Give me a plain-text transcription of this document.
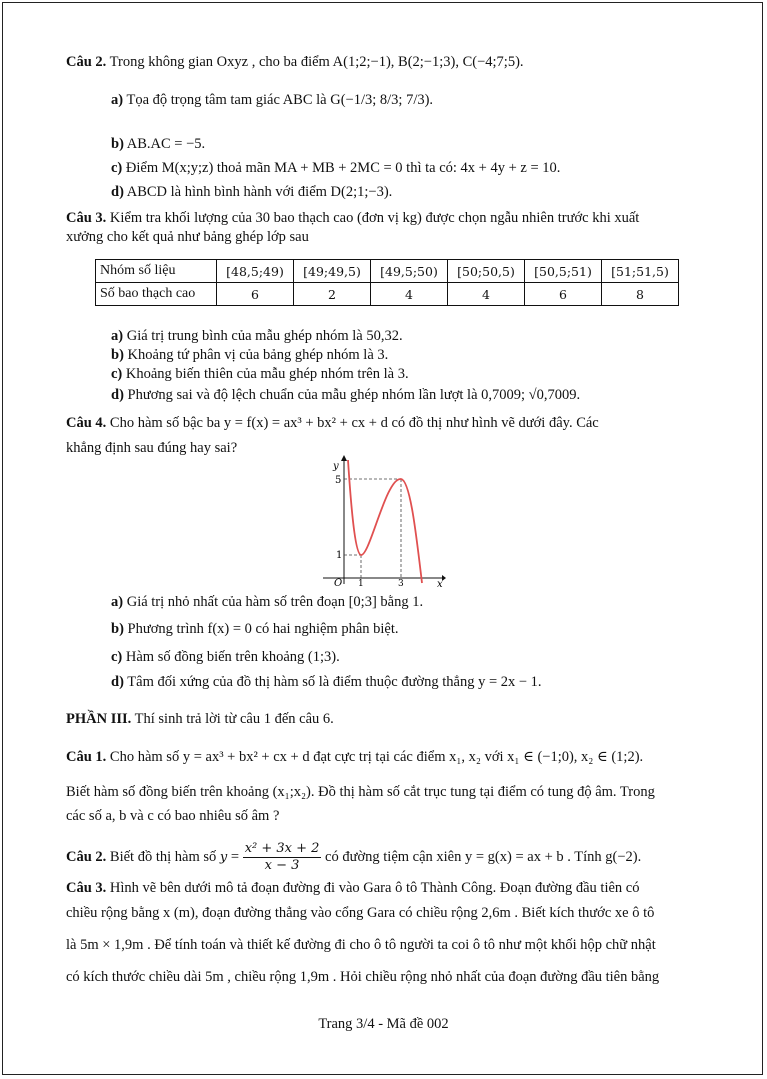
Câu 2. Trong không gian Oxyz , cho ba điểm A(1;2;−1), B(2;−1;3), C(−4;7;5).
a) Tọa độ trọng tâm tam giác ABC là G(−1/3; 8/3; 7/3).
b) AB.AC = −5.
c) Điểm M(x;y;z) thoả mãn MA + MB + 2MC = 0 thì ta có: 4x + 4y + z = 10.
d) ABCD là hình bình hành với điểm D(2;1;−3).
Câu 3. Kiểm tra khối lượng của 30 bao thạch cao (đơn vị kg) được chọn ngẫu nhiên trước khi xuất
xưởng cho kết quả như bảng ghép lớp sau
Nhóm số liệu	[48,5;49)	[49;49,5)	[49,5;50)	[50;50,5)	[50,5;51)	[51;51,5)
Số bao thạch cao	6	2	4	4	6	8
a) Giá trị trung bình của mẫu ghép nhóm là 50,32.
b) Khoảng tứ phân vị của bảng ghép nhóm là 3.
c) Khoảng biến thiên của mẫu ghép nhóm trên là 3.
d) Phương sai và độ lệch chuẩn của mẫu ghép nhóm lần lượt là 0,7009; √0,7009.
Câu 4. Cho hàm số bậc ba y = f(x) = ax³ + bx² + cx + d có đồ thị như hình vẽ dưới đây. Các
khẳng định sau đúng hay sai?
y
x
O
5
1
1	3
a) Giá trị nhỏ nhất của hàm số trên đoạn [0;3] bằng 1.
b) Phương trình f(x) = 0 có hai nghiệm phân biệt.
c) Hàm số đồng biến trên khoảng (1;3).
d) Tâm đối xứng của đồ thị hàm số là điểm thuộc đường thẳng y = 2x − 1.
PHẦN III. Thí sinh trả lời từ câu 1 đến câu 6.
Câu 1. Cho hàm số y = ax³ + bx² + cx + d đạt cực trị tại các điểm x₁, x₂ với x₁ ∈ (−1;0), x₂ ∈ (1;2).
Biết hàm số đồng biến trên khoảng (x₁;x₂). Đồ thị hàm số cắt trục tung tại điểm có tung độ âm. Trong
các số a, b và c có bao nhiêu số âm ?
Câu 2. Biết đồ thị hàm số $y = \frac{\text{x² + 3x + 2}}{x - 3}$ có đường tiệm cận xiên y = g(x) = ax + b . Tính g(−2).
Câu 3. Hình vẽ bên dưới mô tả đoạn đường đi vào Gara ô tô Thành Công. Đoạn đường đầu tiên có
chiều rộng bằng x (m), đoạn đường thẳng vào cổng Gara có chiều rộng 2,6m . Biết kích thước xe ô tô
là 5m × 1,9m . Để tính toán và thiết kế đường đi cho ô tô người ta coi ô tô như một khối hộp chữ nhật
có kích thước chiều dài 5m , chiều rộng 1,9m . Hỏi chiều rộng nhỏ nhất của đoạn đường đầu tiên bằng
Trang 3/4 - Mã đề 002
